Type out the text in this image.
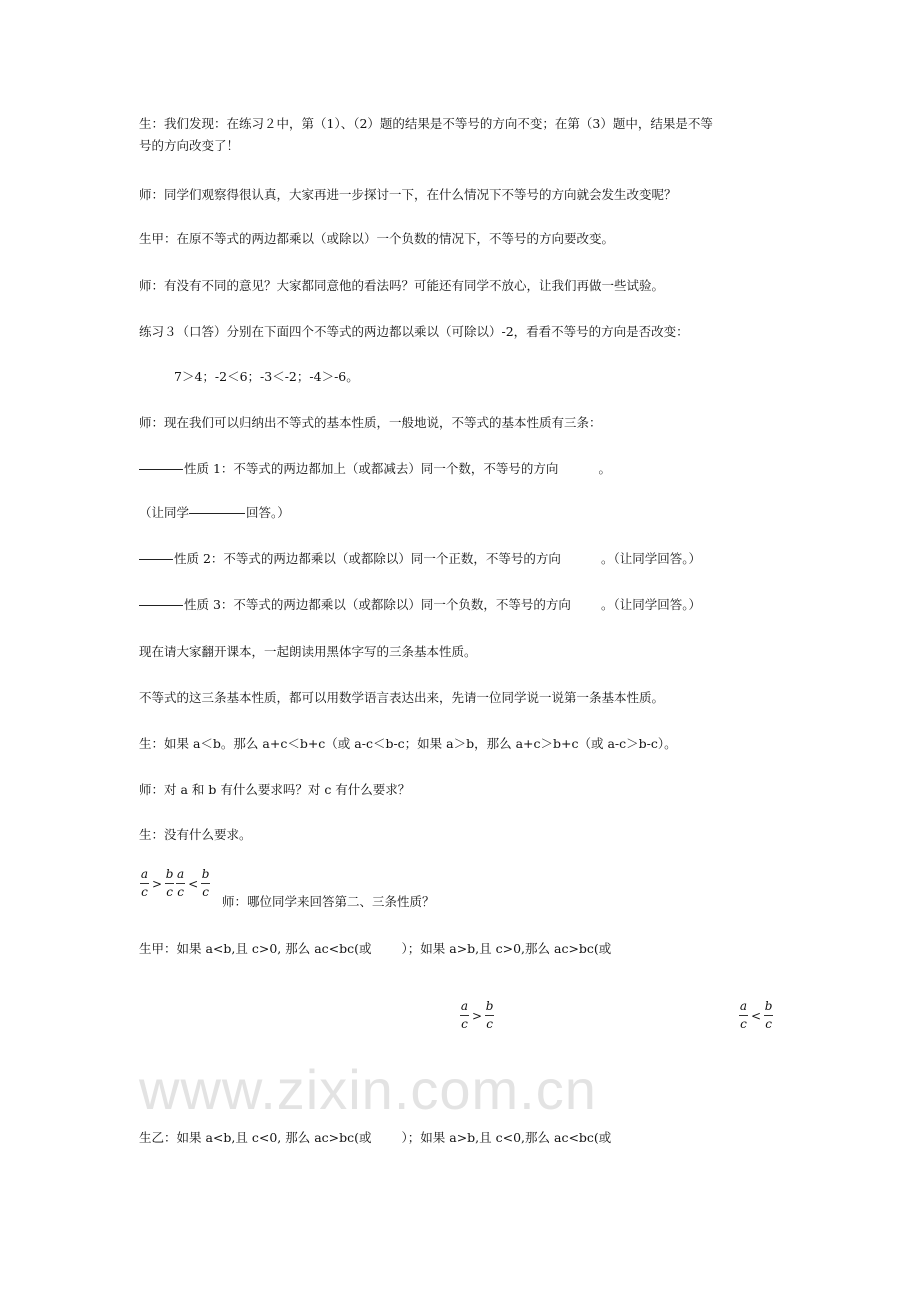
www.zixin.com.cn
生：我们发现：在练习２中，第（1）、（2）题的结果是不等号的方向不变；在第（3）题中，结果是不等
号的方向改变了！
师：同学们观察得很认真，大家再进一步探讨一下，在什么情况下不等号的方向就会发生改变呢？
生甲：在原不等式的两边都乘以（或除以）一个负数的情况下，不等号的方向要改变。
师：有没有不同的意见？大家都同意他的看法吗？可能还有同学不放心，让我们再做一些试验。
练习３（口答）分别在下面四个不等式的两边都以乘以（可除以）-2，看看不等号的方向是否改变：
7＞4；-2＜6；-3＜-2；-4＞-6。
师：现在我们可以归纳出不等式的基本性质，一般地说，不等式的基本性质有三条：
性质 1：不等式的两边都加上（或都减去）同一个数，不等号的方向	。
（让同学	回答。）
性质 2：不等式的两边都乘以（或都除以）同一个正数，不等号的方向	。（让同学回答。）
性质 3：不等式的两边都乘以（或都除以）同一个负数，不等号的方向 。（让同学回答。）
现在请大家翻开课本，一起朗读用黑体字写的三条基本性质。
不等式的这三条基本性质，都可以用数学语言表达出来，先请一位同学说一说第一条基本性质。
生：如果 a＜b。那么 a+c＜b+c（或 a-c＜b-c；如果 a＞b，那么 a+c＞b+c（或 a-c＞b-c）。
师：对 a 和 b 有什么要求吗？对 c 有什么要求？
生：没有什么要求。
$\frac{a}{c} > \frac{b}{c} \frac{a}{c} < \frac{b}{c}$
师：哪位同学来回答第二、三条性质？
生甲：如果 a<b,且 c>0, 那么 ac<bc(或 ）；如果 a>b,且 c>0,那么 ac>bc(或
$\frac{a}{c} > \frac{b}{c}$	$\frac{a}{c} < \frac{b}{c}$
生乙：如果 a<b,且 c<0, 那么 ac>bc(或 ）；如果 a>b,且 c<0,那么 ac<bc(或
